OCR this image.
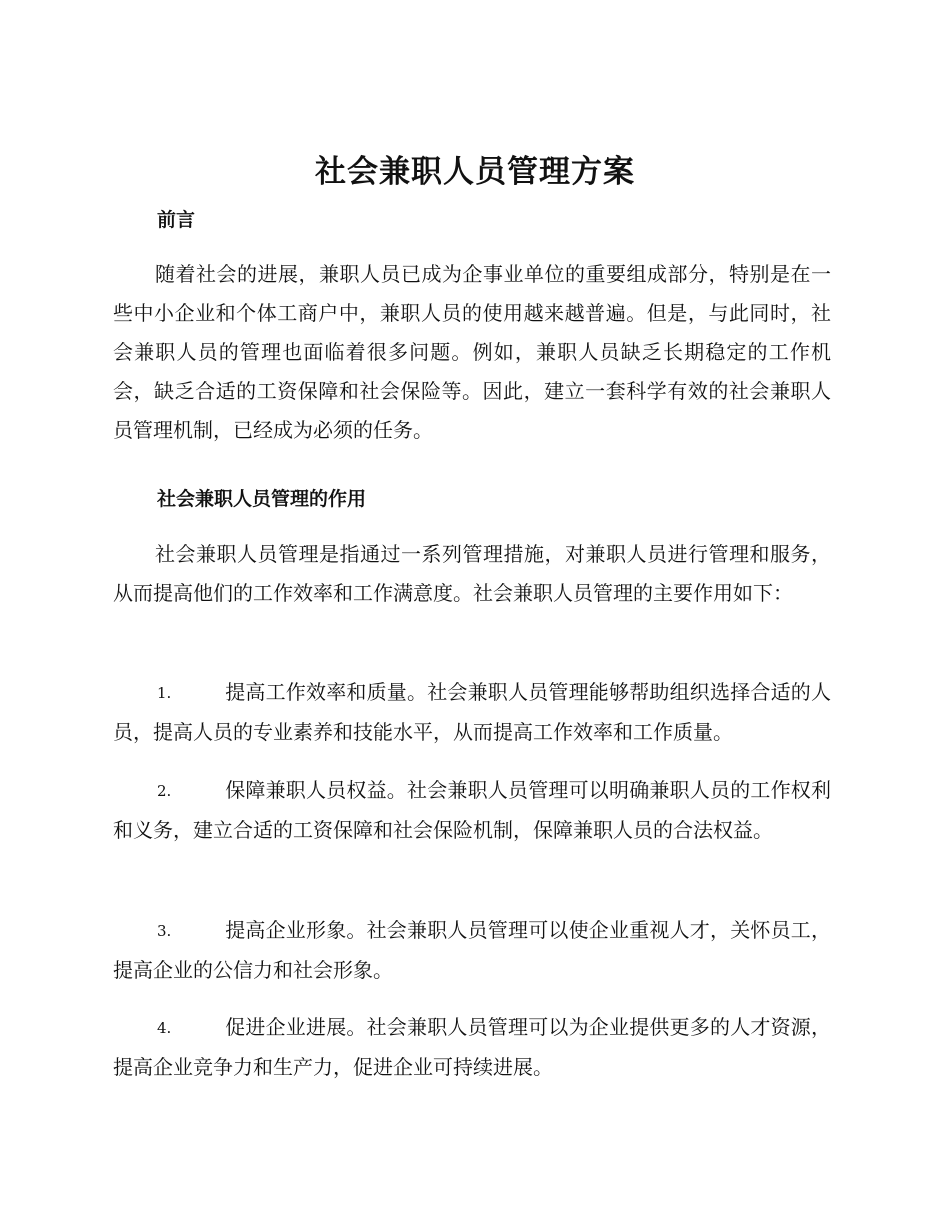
社会兼职人员管理方案
前言

随着社会的进展，兼职人员已成为企事业单位的重要组成部分，特别是在一些中小企业和个体工商户中，兼职人员的使用越来越普遍。但是，与此同时，社会兼职人员的管理也面临着很多问题。例如，兼职人员缺乏长期稳定的工作机会，缺乏合适的工资保障和社会保险等。因此，建立一套科学有效的社会兼职人员管理机制，已经成为必须的任务。

社会兼职人员管理的作用

社会兼职人员管理是指通过一系列管理措施，对兼职人员进行管理和服务，从而提高他们的工作效率和工作满意度。社会兼职人员管理的主要作用如下：

1.	提高工作效率和质量。社会兼职人员管理能够帮助组织选择合适的人员，提高人员的专业素养和技能水平，从而提高工作效率和工作质量。

2.	保障兼职人员权益。社会兼职人员管理可以明确兼职人员的工作权利和义务，建立合适的工资保障和社会保险机制，保障兼职人员的合法权益。

3.	提高企业形象。社会兼职人员管理可以使企业重视人才，关怀员工，提高企业的公信力和社会形象。

4.	促进企业进展。社会兼职人员管理可以为企业提供更多的人才资源，提高企业竞争力和生产力，促进企业可持续进展。
